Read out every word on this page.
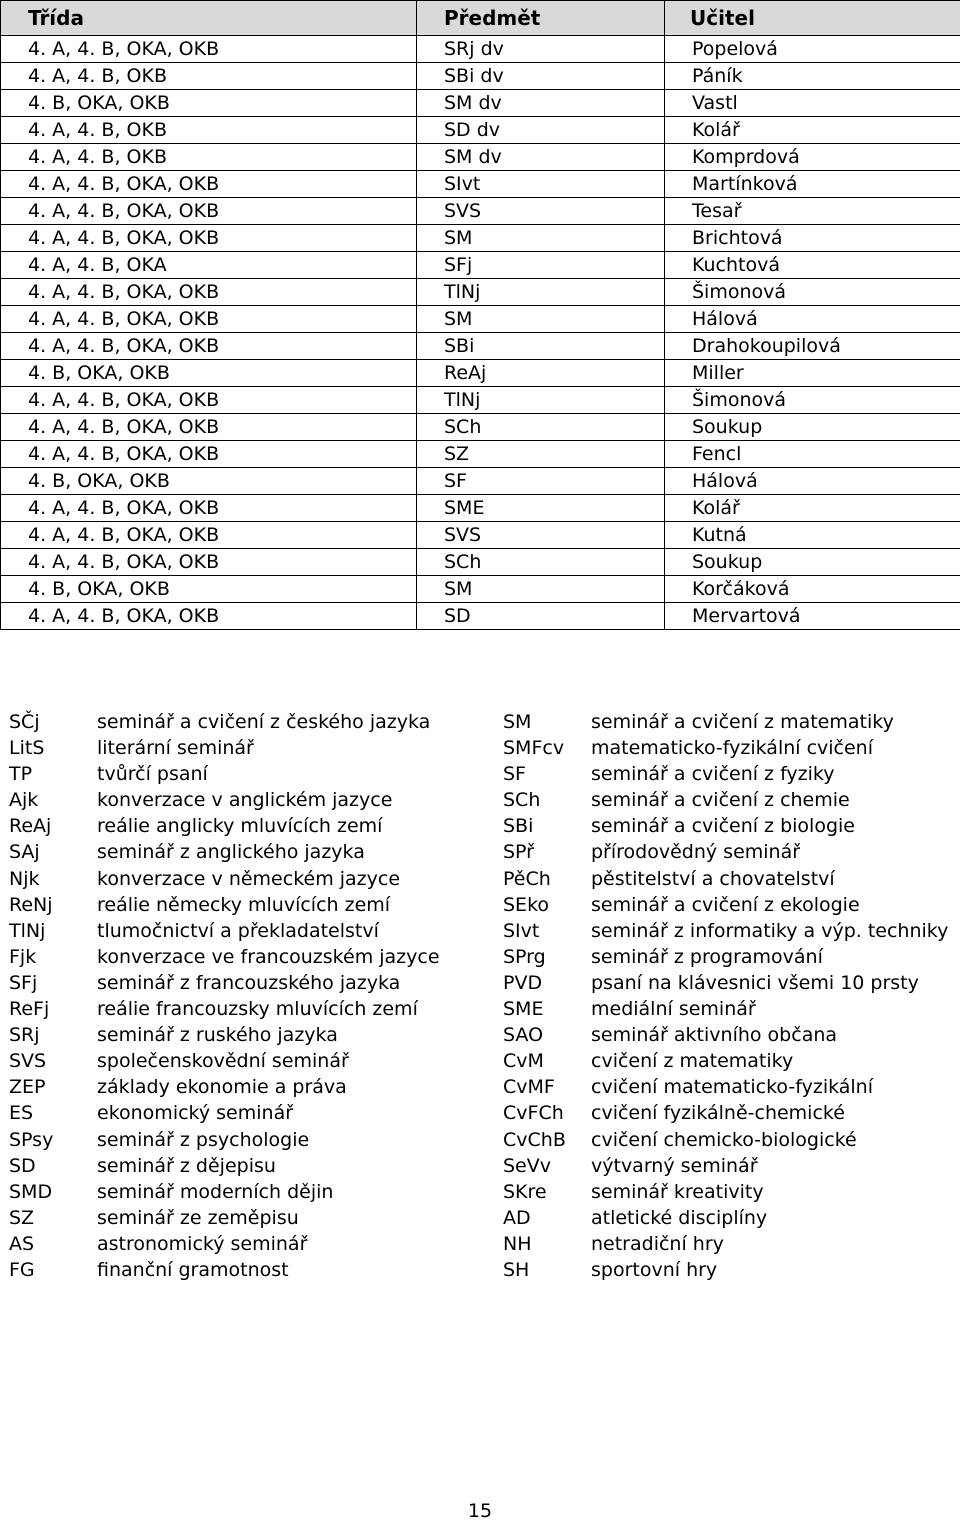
Třída	Předmět	Učitel
4. A, 4. B, OKA, OKB	SRj dv	Popelová
4. A, 4. B, OKB	SBi dv	Páník
4. B, OKA, OKB	SM dv	Vastl
4. A, 4. B, OKB	SD dv	Kolář
4. A, 4. B, OKB	SM dv	Komprdová
4. A, 4. B, OKA, OKB	SIvt	Martínková
4. A, 4. B, OKA, OKB	SVS	Tesař
4. A, 4. B, OKA, OKB	SM	Brichtová
4. A, 4. B, OKA	SFj	Kuchtová
4. A, 4. B, OKA, OKB	TlNj	Šimonová
4. A, 4. B, OKA, OKB	SM	Hálová
4. A, 4. B, OKA, OKB	SBi	Drahokoupilová
4. B, OKA, OKB	ReAj	Miller
4. A, 4. B, OKA, OKB	TlNj	Šimonová
4. A, 4. B, OKA, OKB	SCh	Soukup
4. A, 4. B, OKA, OKB	SZ	Fencl
4. B, OKA, OKB	SF	Hálová
4. A, 4. B, OKA, OKB	SME	Kolář
4. A, 4. B, OKA, OKB	SVS	Kutná
4. A, 4. B, OKA, OKB	SCh	Soukup
4. B, OKA, OKB	SM	Korčáková
4. A, 4. B, OKA, OKB	SD	Mervartová
SČj	seminář a cvičení z českého jazyka	SM	seminář a cvičení z matematiky
LitS	literární seminář	SMFcv matematicko-fyzikální cvičení
TP	tvůrčí psaní	SF	seminář a cvičení z fyziky
Ajk	konverzace v anglickém jazyce	SCh	seminář a cvičení z chemie
ReAj reálie anglicky mluvících zemí	SBi	seminář a cvičení z biologie
SAj	seminář z anglického jazyka	SPř	přírodovědný seminář
Njk	konverzace v německém jazyce	PěCh pěstitelství a chovatelství
ReNj reálie německy mluvících zemí	SEko seminář a cvičení z ekologie
TlNj	tlumočnictví a překladatelství	SIvt	seminář z informatiky a výp. techniky
Fjk	konverzace ve francouzském jazyce	SPrg seminář z programování
SFj	seminář z francouzského jazyka	PVD	psaní na klávesnici všemi 10 prsty
ReFj	reálie francouzsky mluvících zemí	SME	mediální seminář
SRj	seminář z ruského jazyka	SAO	seminář aktivního občana
SVS	společenskovědní seminář	CvM cvičení z matematiky
ZEP	základy ekonomie a práva	CvMF cvičení matematicko-fyzikální
ES	ekonomický seminář	CvFCh cvičení fyzikálně-chemické
SPsy seminář z psychologie	CvChB cvičení chemicko-biologické
SD	seminář z dějepisu	SeVv výtvarný seminář
SMD seminář moderních dějin	SKre seminář kreativity
SZ	seminář ze zeměpisu	AD	atletické disciplíny
AS	astronomický seminář	NH	netradiční hry
FG	finanční gramotnost	SH	sportovní hry
15
